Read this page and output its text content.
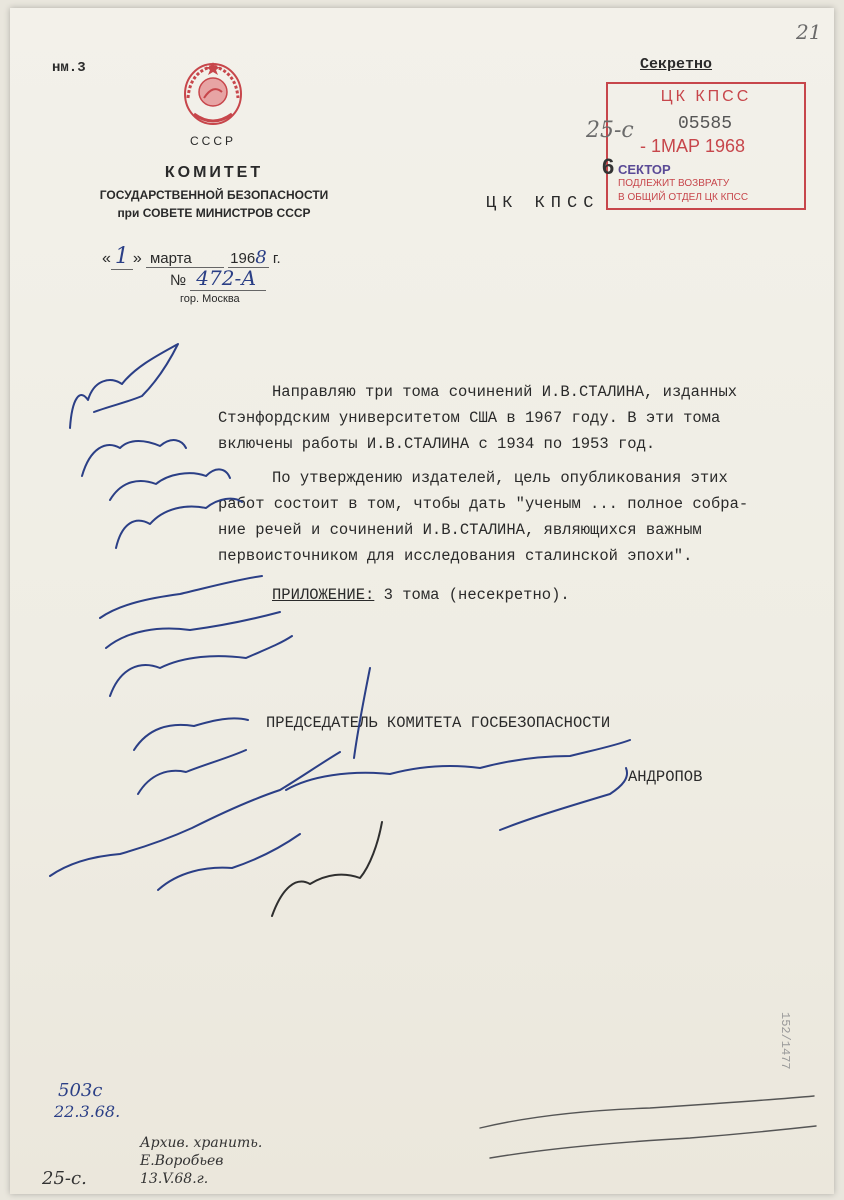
21
нм.3	Секретно
СССР
КОМИТЕТ
ГОСУДАРСТВЕННОЙ БЕЗОПАСНОСТИ
при СОВЕТЕ МИНИСТРОВ СССР
« 1 » марта	1968 г.
№ 472-А
гор. Москва
ЦК КПСС
ЦК КПСС
25-с 05585
- 1МАР 1968
6 СЕКТОР
ПОДЛЕЖИТ ВОЗВРАТУ
В ОБЩИЙ ОТДЕЛ ЦК КПСС
Направляю три тома сочинений И.В.СТАЛИНА, изданных
Стэнфордским университетом США в 1967 году. В эти тома
включены работы И.В.СТАЛИНА с 1934 по 1953 год.
По утверждению издателей, цель опубликования этих
работ состоит в том, чтобы дать "ученым ... полное собра-
ние речей и сочинений И.В.СТАЛИНА, являющихся важным
первоисточником для исследования сталинской эпохи".
ПРИЛОЖЕНИЕ: 3 тома (несекретно).
ПРЕДСЕДАТЕЛЬ КОМИТЕТА ГОСБЕЗОПАСНОСТИ
АНДРОПОВ
152/1477
503с
22.3.68.
Архив. хранить.
Е.Воробьев
13.V.68.г.
25-с.
